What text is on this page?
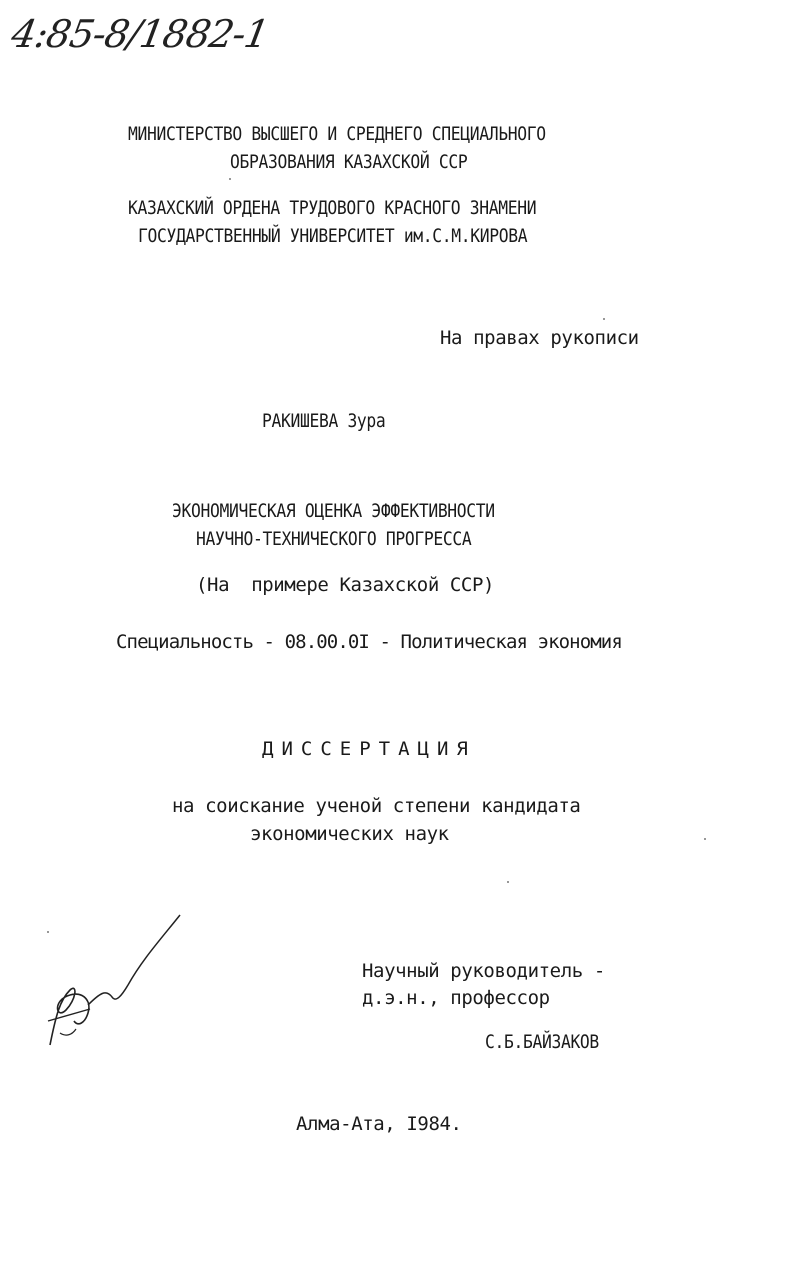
4:85-8/1882-1
МИНИСТЕРСТВО ВЫСШЕГО И СРЕДНЕГО СПЕЦИАЛЬНОГО
ОБРАЗОВАНИЯ КАЗАХСКОЙ ССР
КАЗАХСКИЙ ОРДЕНА ТРУДОВОГО КРАСНОГО ЗНАМЕНИ
ГОСУДАРСТВЕННЫЙ УНИВЕРСИТЕТ им.С.М.КИРОВА
На правах рукописи
РАКИШЕВА Зура
ЭКОНОМИЧЕСКАЯ ОЦЕНКА ЭФФЕКТИВНОСТИ
НАУЧНО-ТЕХНИЧЕСКОГО ПРОГРЕССА
(На  примере Казахской ССР)
Специальность - 08.00.0I - Политическая экономия
ДИССЕРТАЦИЯ
на соискание ученой степени кандидата
экономических наук
Научный руководитель -
д.э.н., профессор
С.Б.БАЙЗАКОВ
Алма-Ата, I984.
